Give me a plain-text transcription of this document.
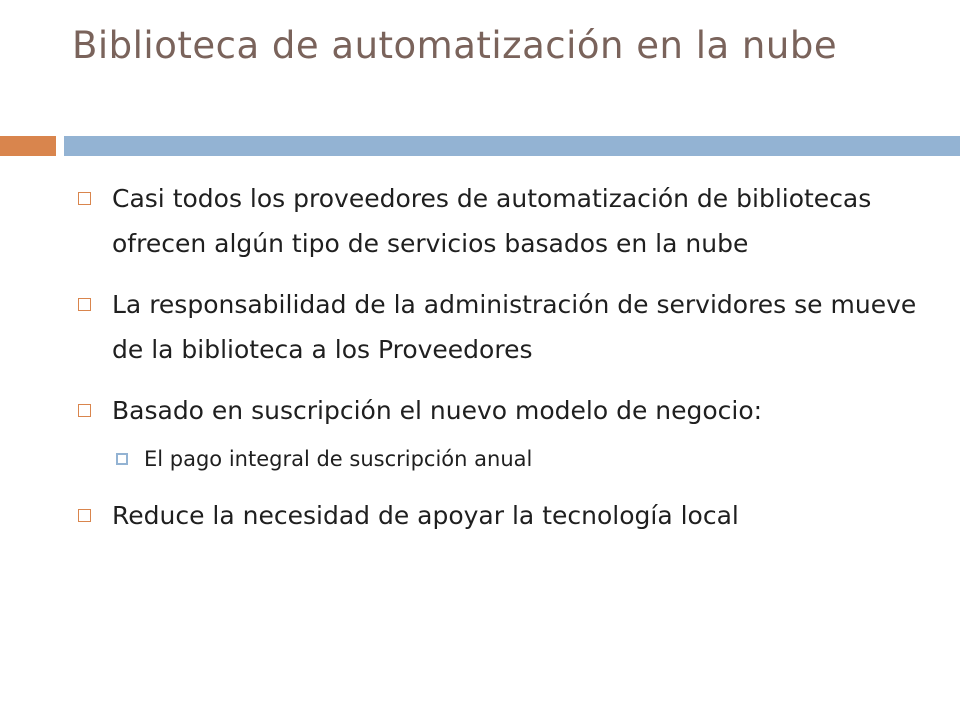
Biblioteca de automatización en la nube
Casi todos los proveedores de automatización de bibliotecas ofrecen algún tipo de servicios basados en la nube
La responsabilidad de la administración de servidores se mueve de la biblioteca a los Proveedores
Basado en suscripción el nuevo modelo de negocio:
El pago integral de suscripción anual
Reduce la necesidad de apoyar la tecnología local
